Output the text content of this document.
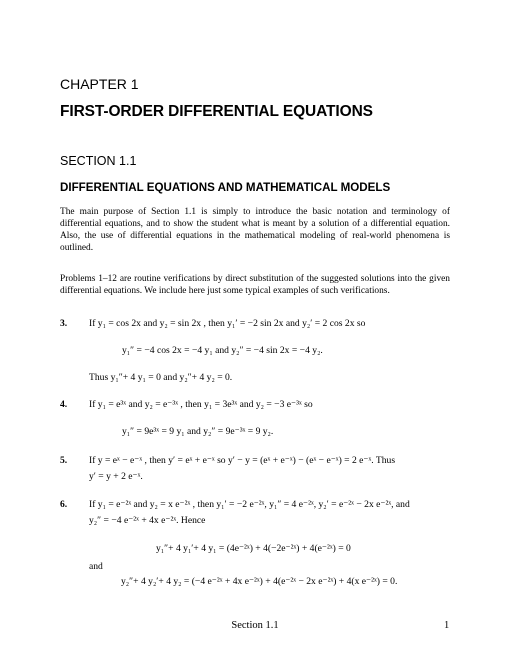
CHAPTER 1
FIRST-ORDER DIFFERENTIAL EQUATIONS
SECTION 1.1
DIFFERENTIAL EQUATIONS AND MATHEMATICAL MODELS
The main purpose of Section 1.1 is simply to introduce the basic notation and terminology of differential equations, and to show the student what is meant by a solution of a differential equation. Also, the use of differential equations in the mathematical modeling of real-world phenomena is outlined.
Problems 1–12 are routine verifications by direct substitution of the suggested solutions into the given differential equations. We include here just some typical examples of such verifications.
3. If y₁ = cos 2x and y₂ = sin 2x , then y₁′ = −2 sin 2x and y₂′ = 2 cos 2x so
y₁″ = −4 cos 2x = −4 y₁ and y₂″ = −4 sin 2x = −4 y₂.
Thus y₁″+ 4 y₁ = 0 and y₂″+ 4 y₂ = 0.
4. If y₁ = e³ˣ and y₂ = e⁻³ˣ , then y₁ = 3e³ˣ and y₂ = −3 e⁻³ˣ so
y₁″ = 9e³ˣ = 9 y₁ and y₂″ = 9e⁻³ˣ = 9 y₂.
5. If y = eˣ − e⁻ˣ , then y′ = eˣ + e⁻ˣ so y′ − y = (eˣ + e⁻ˣ) − (eˣ − e⁻ˣ) = 2 e⁻ˣ. Thus
y′ = y + 2 e⁻ˣ.
6. If y₁ = e⁻²ˣ and y₂ = x e⁻²ˣ , then y₁′ = −2 e⁻²ˣ, y₁″ = 4 e⁻²ˣ, y₂′ = e⁻²ˣ − 2x e⁻²ˣ, and
y₂″ = −4 e⁻²ˣ + 4x e⁻²ˣ. Hence
y₁″+ 4 y₁′+ 4 y₁ = (4e⁻²ˣ) + 4(−2e⁻²ˣ) + 4(e⁻²ˣ) = 0
and
y₂″+ 4 y₂′+ 4 y₂ = (−4 e⁻²ˣ + 4x e⁻²ˣ) + 4(e⁻²ˣ − 2x e⁻²ˣ) + 4(x e⁻²ˣ) = 0.
Section 1.1	1
